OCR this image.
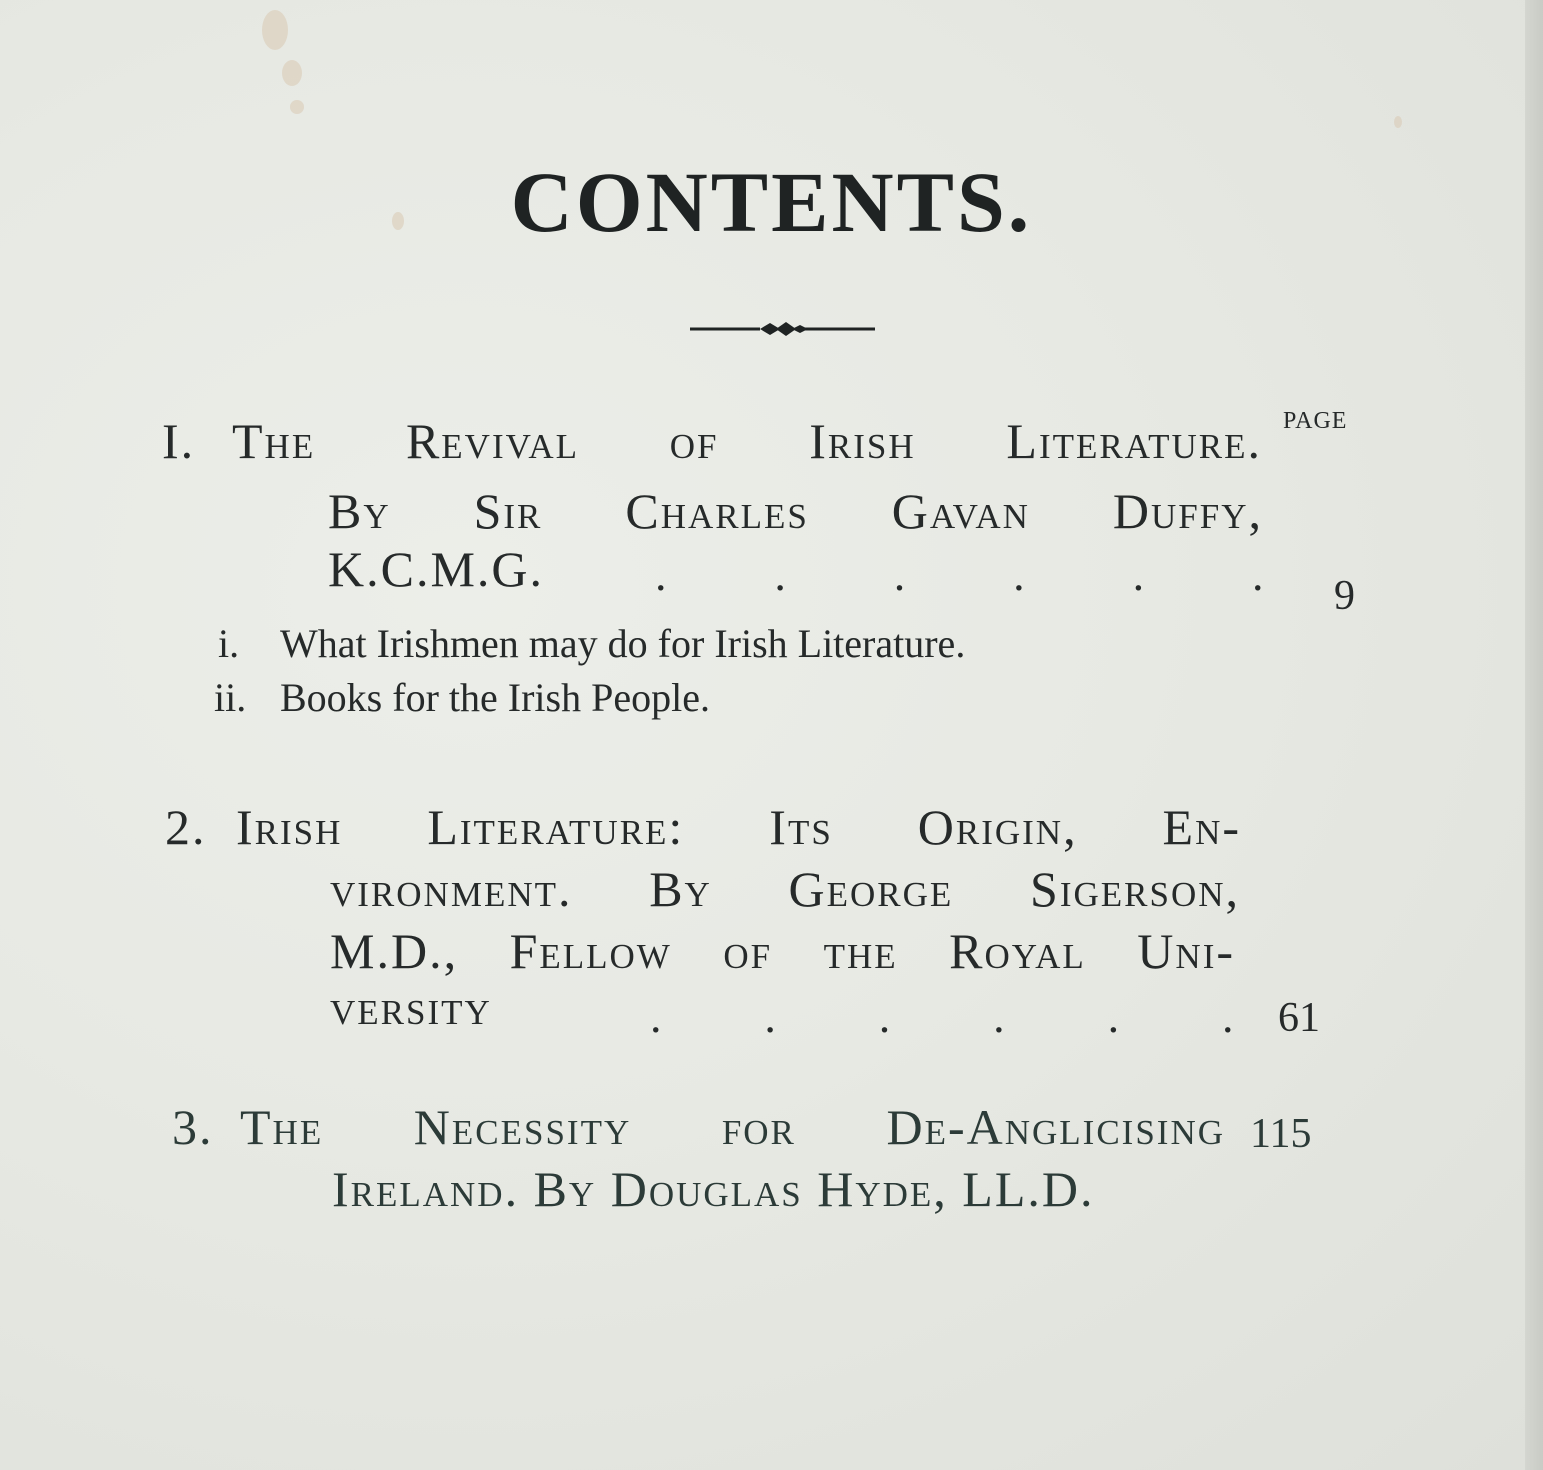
CONTENTS.
PAGE
I. The Revival of Irish Literature.
By Sir Charles Gavan Duffy,
K.C.M.G. . . . . . . 9
i. What Irishmen may do for Irish Literature.
ii. Books for the Irish People.
2. Irish Literature: Its Origin, En-
vironment. By George Sigerson,
M.D., Fellow of the Royal Uni-
versity	. . . . . . 61
3. The Necessity for De-Anglicising 115
Ireland. By Douglas Hyde, LL.D.
